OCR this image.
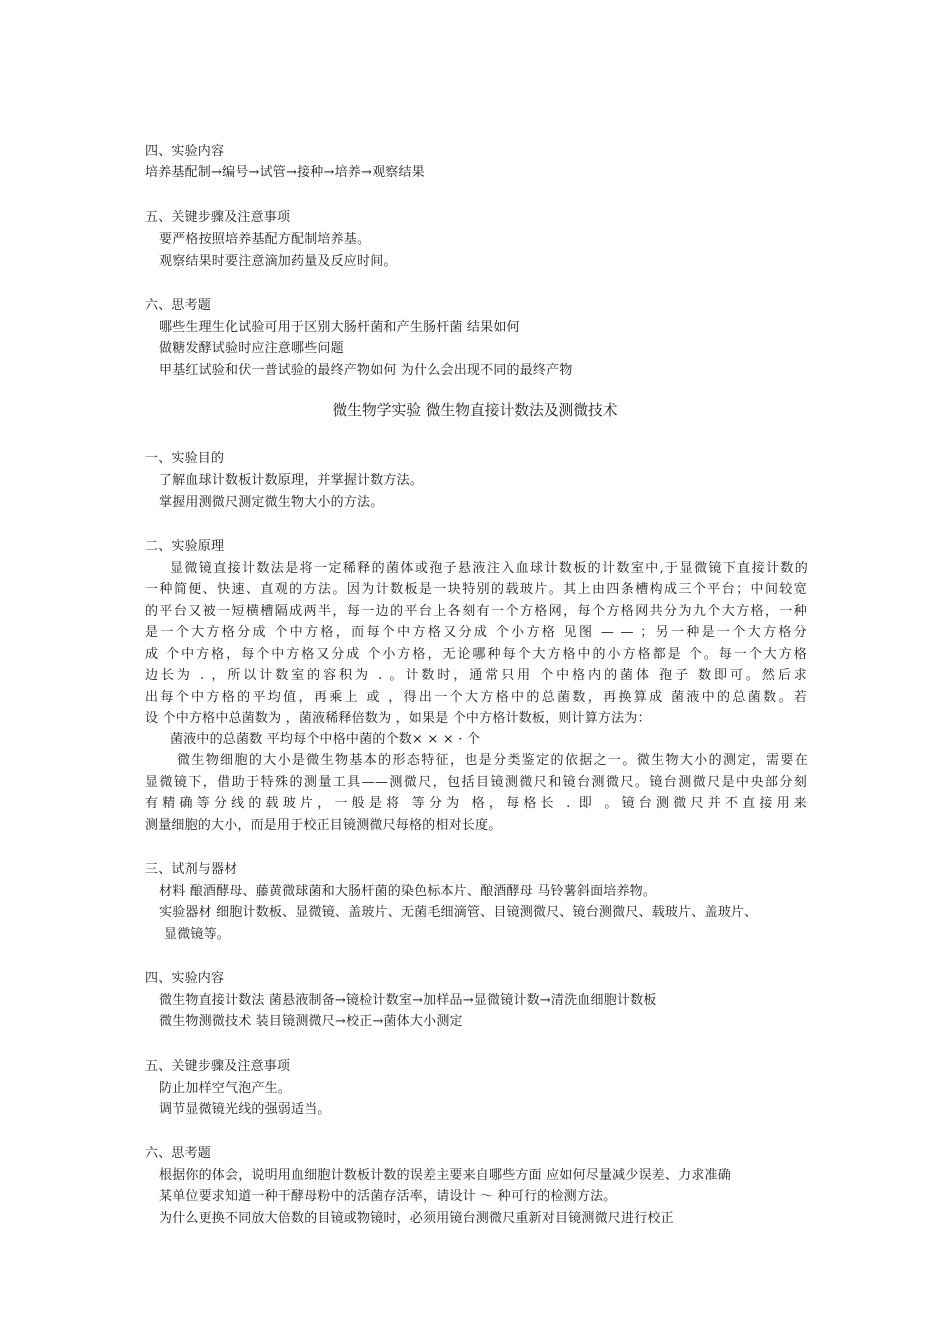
四、实验内容
培养基配制→编号→试管→接种→培养→观察结果
五、关键步骤及注意事项
要严格按照培养基配方配制培养基。
观察结果时要注意滴加药量及反应时间。
六、思考题
哪些生理生化试验可用于区别大肠杆菌和产生肠杆菌 结果如何
做糖发酵试验时应注意哪些问题
甲基红试验和伏一普试验的最终产物如何 为什么会出现不同的最终产物
微生物学实验 微生物直接计数法及测微技术
一、实验目的
了解血球计数板计数原理，并掌握计数方法。
掌握用测微尺测定微生物大小的方法。
二、实验原理
显微镜直接计数法是将一定稀释的菌体或孢子悬液注入血球计数板的计数室中,于显微镜下直接计数的
一种简便、快速、直观的方法。因为计数板是一块特别的载玻片。其上由四条槽构成三个平台；中间较宽
的平台又被一短横槽隔成两半，每一边的平台上各刻有一个方格网，每个方格网共分为九个大方格，一种
是一个大方格分成 个中方格，而每个中方格又分成 个小方格 见图 — — ；另一种是一个大方格分
成 个中方格，每个中方格又分成 个小方格，无论哪种每个大方格中的小方格都是 个。每一个大方格
边长为 . ，所以计数室的容积为 . 。计数时，通常只用 个中格内的菌体 孢子 数即可。然后求
出每个中方格的平均值，再乘上 或 ，得出一个大方格中的总菌数，再换算成 菌液中的总菌数。若
设 个中方格中总菌数为 ，菌液稀释倍数为 ，如果是 个中方格计数板，则计算方法为：
菌液中的总菌数 平均每个中格中菌的个数× × × · 个
微生物细胞的大小是微生物基本的形态特征，也是分类鉴定的依据之一。微生物大小的测定，需要在
显微镜下，借助于特殊的测量工具——测微尺，包括目镜测微尺和镜台测微尺。镜台测微尺是中央部分刻
有精确等分线的载玻片，一般是将 等分为 格，每格长 . 即 。镜台测微尺并不直接用来
测量细胞的大小，而是用于校正目镜测微尺每格的相对长度。
三、试剂与器材
材料 酿酒酵母、藤黄微球菌和大肠杆菌的染色标本片、酿酒酵母 马铃薯斜面培养物。
实验器材 细胞计数板、显微镜、盖玻片、无菌毛细滴管、目镜测微尺、镜台测微尺、载玻片、盖玻片、
显微镜等。
四、实验内容
微生物直接计数法 菌悬液制备→镜检计数室→加样品→显微镜计数→清洗血细胞计数板
微生物测微技术 装目镜测微尺→校正→菌体大小测定
五、关键步骤及注意事项
防止加样空气泡产生。
调节显微镜光线的强弱适当。
六、思考题
根据你的体会，说明用血细胞计数板计数的误差主要来自哪些方面 应如何尽量减少误差、力求准确
某单位要求知道一种干酵母粉中的活菌存活率，请设计 ～ 种可行的检测方法。
为什么更换不同放大倍数的目镜或物镜时，必须用镜台测微尺重新对目镜测微尺进行校正
